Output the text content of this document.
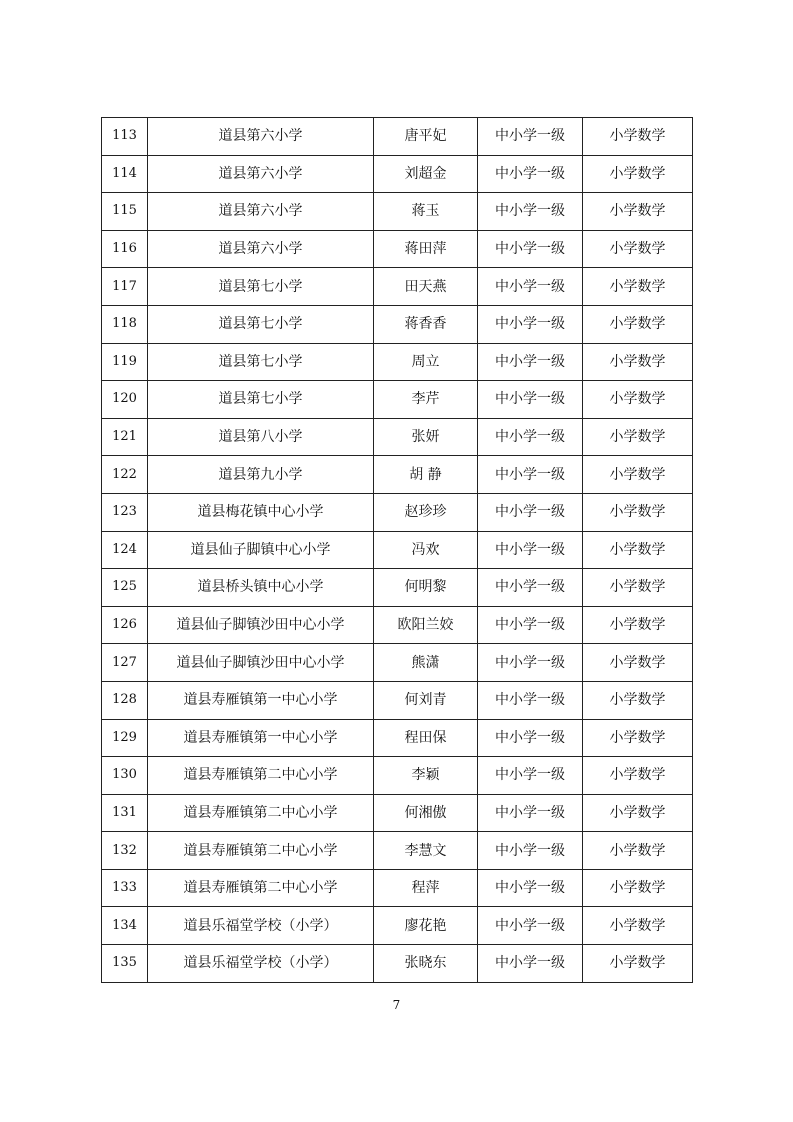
113	道县第六小学	唐平妃	中小学一级	小学数学
114	道县第六小学	刘超金	中小学一级	小学数学
115	道县第六小学	蒋玉	中小学一级	小学数学
116	道县第六小学	蒋田萍	中小学一级	小学数学
117	道县第七小学	田天燕	中小学一级	小学数学
118	道县第七小学	蒋香香	中小学一级	小学数学
119	道县第七小学	周立	中小学一级	小学数学
120	道县第七小学	李芹	中小学一级	小学数学
121	道县第八小学	张妍	中小学一级	小学数学
122	道县第九小学	胡 静	中小学一级	小学数学
123	道县梅花镇中心小学	赵珍珍	中小学一级	小学数学
124	道县仙子脚镇中心小学	冯欢	中小学一级	小学数学
125	道县桥头镇中心小学	何明黎	中小学一级	小学数学
126	道县仙子脚镇沙田中心小学	欧阳兰姣	中小学一级	小学数学
127	道县仙子脚镇沙田中心小学	熊潇	中小学一级	小学数学
128	道县寿雁镇第一中心小学	何刘青	中小学一级	小学数学
129	道县寿雁镇第一中心小学	程田保	中小学一级	小学数学
130	道县寿雁镇第二中心小学	李颖	中小学一级	小学数学
131	道县寿雁镇第二中心小学	何湘傲	中小学一级	小学数学
132	道县寿雁镇第二中心小学	李慧文	中小学一级	小学数学
133	道县寿雁镇第二中心小学	程萍	中小学一级	小学数学
134	道县乐福堂学校（小学）	廖花艳	中小学一级	小学数学
135	道县乐福堂学校（小学）	张晓东	中小学一级	小学数学
7
